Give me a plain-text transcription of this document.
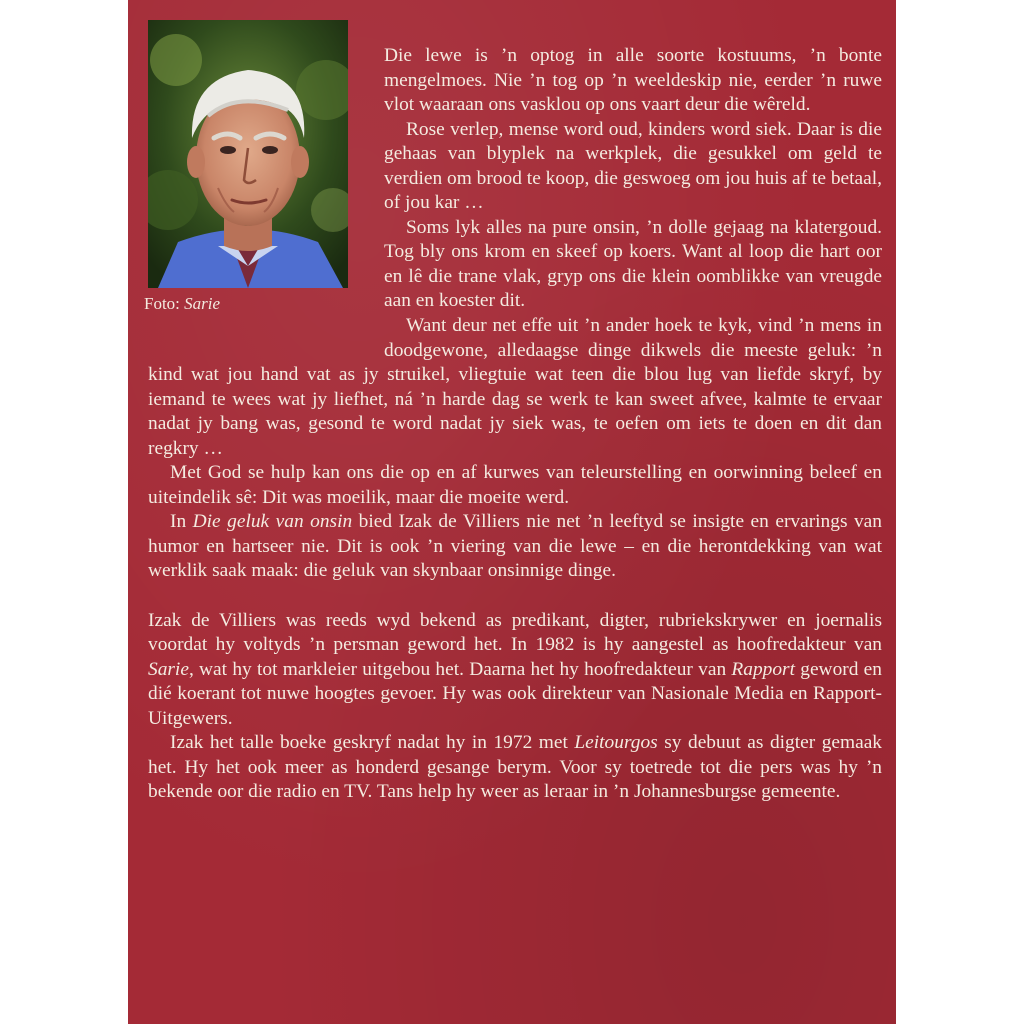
Foto: Sarie

Die lewe is ’n optog in alle soorte kostuums, ’n bonte mengelmoes. Nie ’n tog op ’n weeldeskip nie, eerder ’n ruwe vlot waaraan ons vasklou op ons vaart deur die wêreld.

Rose verlep, mense word oud, kinders word siek. Daar is die gehaas van blyplek na werkplek, die gesukkel om geld te verdien om brood te koop, die geswoeg om jou huis af te betaal, of jou kar …

Soms lyk alles na pure onsin, ’n dolle gejaag na klatergoud. Tog bly ons krom en skeef op koers. Want al loop die hart oor en lê die trane vlak, gryp ons die klein oomblikke van vreugde aan en koester dit.

Want deur net effe uit ’n ander hoek te kyk, vind ’n mens in doodgewone, alledaagse dinge dikwels die meeste geluk: ’n kind wat jou hand vat as jy struikel, vliegtuie wat teen die blou lug van liefde skryf, by iemand te wees wat jy liefhet, ná ’n harde dag se werk te kan sweet afvee, kalmte te ervaar nadat jy bang was, gesond te word nadat jy siek was, te oefen om iets te doen en dit dan regkry …

Met God se hulp kan ons die op en af kurwes van teleurstelling en oorwinning beleef en uiteindelik sê: Dit was moeilik, maar die moeite werd.

In Die geluk van onsin bied Izak de Villiers nie net ’n leeftyd se insigte en ervarings van humor en hartseer nie. Dit is ook ’n viering van die lewe – en die herontdekking van wat werklik saak maak: die geluk van skynbaar onsinnige dinge.

Izak de Villiers was reeds wyd bekend as predikant, digter, rubriekskrywer en joernalis voordat hy voltyds ’n persman geword het. In 1982 is hy aangestel as hoofredakteur van Sarie, wat hy tot markleier uitgebou het. Daarna het hy hoofredakteur van Rapport geword en dié koerant tot nuwe hoogtes gevoer. Hy was ook direkteur van Nasionale Media en Rapport-Uitgewers.

Izak het talle boeke geskryf nadat hy in 1972 met Leitourgos sy debuut as digter gemaak het. Hy het ook meer as honderd gesange berym. Voor sy toetrede tot die pers was hy ’n bekende oor die radio en TV. Tans help hy weer as leraar in ’n Johannesburgse gemeente.
